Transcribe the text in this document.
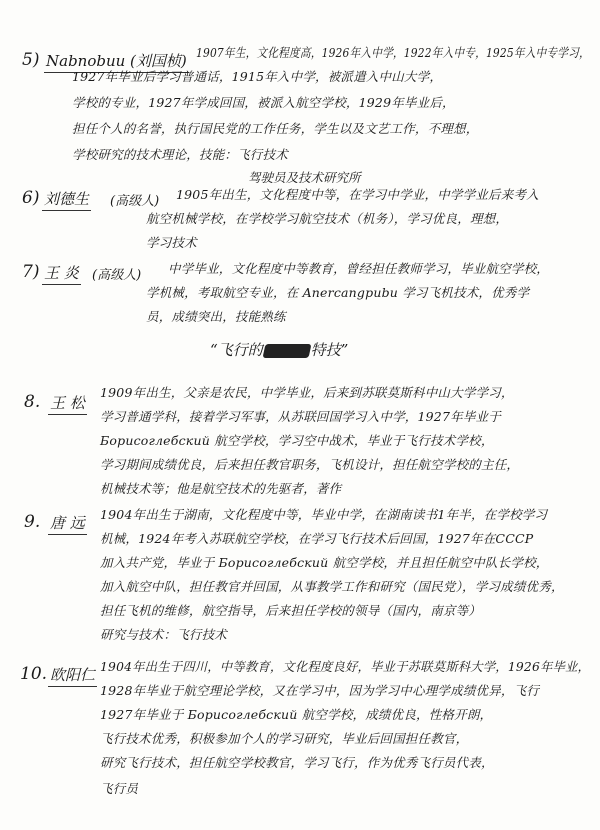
5) Nabnobuu (刘国桢) 1907年生，文化程度高，1926年入中学，1922年入中专，1925年入中专学习，
1927年毕业后学习普通话，1915年入中学，被派遣入中山大学，
学校的专业，1927年学成回国，被派入航空学校，1929年毕业后，
担任个人的名誉，执行国民党的工作任务，学生以及文艺工作，不理想，
学校研究的技术理论，技能：飞行技术
驾驶员及技术研究所
6) 刘德生 (高级人) 1905年出生，文化程度中等，在学习中学业，中学学业后来考入
航空机械学校，在学校学习航空技术（机务），学习优良，理想，
学习技术
7) 王 炎 (高级人) 中学毕业，文化程度中等教育，曾经担任教师学习，毕业航空学校，
学机械，考取航空专业，在 Anercangpubu 学习飞机技术，优秀学
员，成绩突出，技能熟练
“飞行的	特技”
8. 王 松
1909年出生，父亲是农民，中学毕业，后来到苏联莫斯科中山大学学习，
学习普通学科，接着学习军事，从苏联回国学习入中学，1927年毕业于
Борисоглебский 航空学校，学习空中战术，毕业于飞行技术学校，
学习期间成绩优良，后来担任教官职务，飞机设计，担任航空学校的主任，
机械技术等；他是航空技术的先驱者，著作
9. 唐 远 1904年出生于湖南，文化程度中等，毕业中学，在湖南读书1年半，在学校学习
机械，1924年考入苏联航空学校，在学习飞行技术后回国，1927年在CCCP
加入共产党，毕业于 Борисоглебский 航空学校，并且担任航空中队长学校，
加入航空中队，担任教官并回国，从事教学工作和研究（国民党），学习成绩优秀，
担任飞机的维修，航空指导，后来担任学校的领导（国内，南京等）
研究与技术：飞行技术
10. 欧阳仁 1904年出生于四川，中等教育，文化程度良好，毕业于苏联莫斯科大学，1926年毕业，
1928年毕业于航空理论学校，又在学习中，因为学习中心理学成绩优异，飞行
1927年毕业于 Борисоглебский 航空学校，成绩优良，性格开朗，
飞行技术优秀，积极参加个人的学习研究，毕业后回国担任教官，
研究飞行技术，担任航空学校教官，学习飞行，作为优秀飞行员代表，
飞行员
